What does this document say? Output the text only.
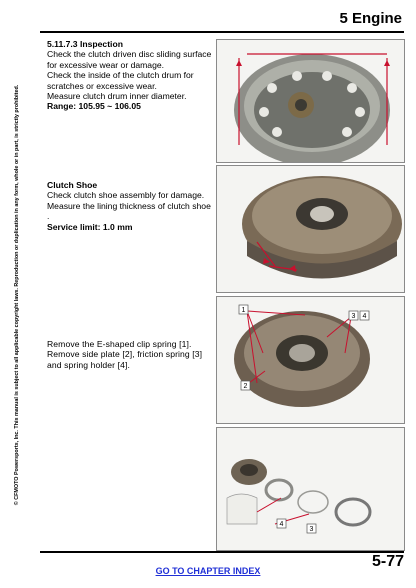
5 Engine
© CFMOTO Powersports, Inc. This manual is subject to all applicable copyright laws. Reproduction or duplication in any form, whole or in part, is strictly prohibited.

5.11.7.3 Inspection

Check the clutch driven disc sliding surface for excessive wear or damage.

Check the inside of the clutch drum for scratches or excessive wear.

Measure clutch drum inner diameter.

Range: 105.95 ~ 106.05

Clutch Shoe

Check clutch shoe assembly for damage.

Measure the lining thickness of clutch shoe

.

Service limit: 1.0 mm

Remove the E-shaped clip spring [1].

Remove side plate [2], friction spring [3] and spring holder [4].

1
3 4
2
4
3
5-77
GO TO CHAPTER INDEX
